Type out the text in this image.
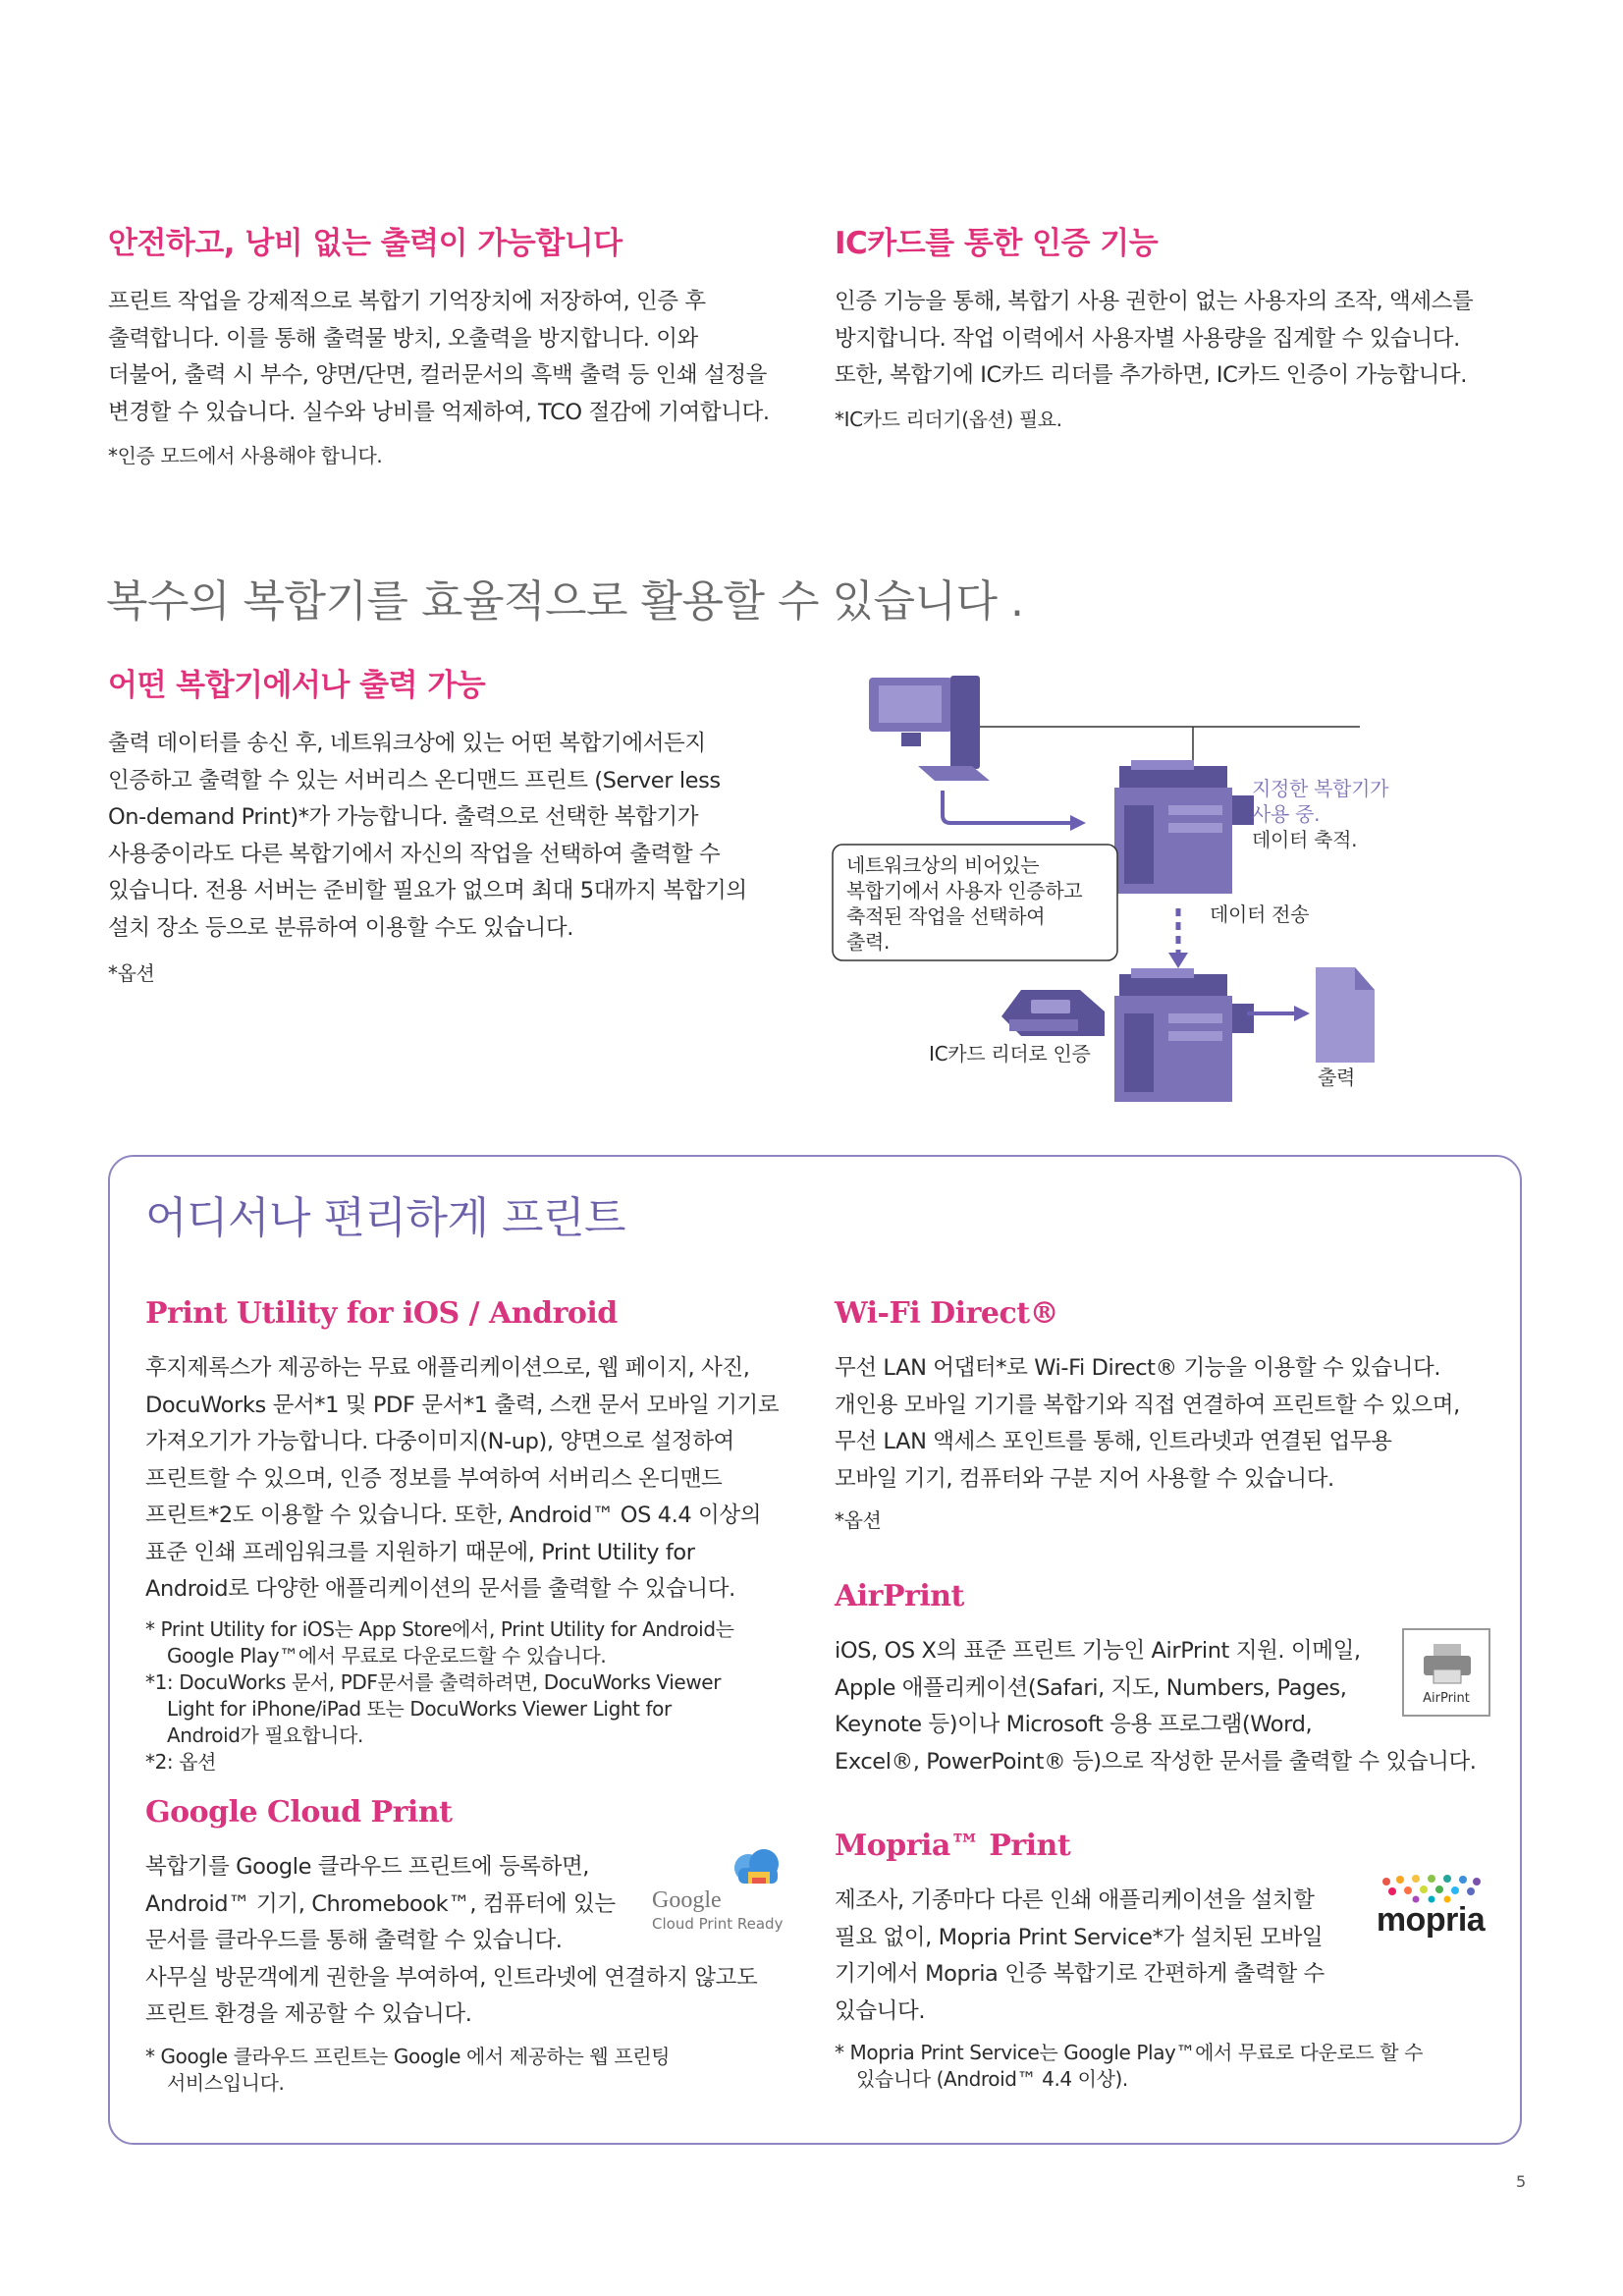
안전하고, 낭비 없는 출력이 가능합니다

프린트 작업을 강제적으로 복합기 기억장치에 저장하여, 인증 후

출력합니다. 이를 통해 출력물 방치, 오출력을 방지합니다. 이와

더불어, 출력 시 부수, 양면/단면, 컬러문서의 흑백 출력 등 인쇄 설정을

변경할 수 있습니다. 실수와 낭비를 억제하여, TCO 절감에 기여합니다.

*인증 모드에서 사용해야 합니다.

IC카드를 통한 인증 기능

인증 기능을 통해, 복합기 사용 권한이 없는 사용자의 조작, 액세스를

방지합니다. 작업 이력에서 사용자별 사용량을 집계할 수 있습니다.

또한, 복합기에 IC카드 리더를 추가하면, IC카드 인증이 가능합니다.

*IC카드 리더기(옵션) 필요.

복수의 복합기를 효율적으로 활용할 수 있습니다 .
어떤 복합기에서나 출력 가능

출력 데이터를 송신 후, 네트워크상에 있는 어떤 복합기에서든지

인증하고 출력할 수 있는 서버리스 온디맨드 프린트 (Server less

On-demand Print)*가 가능합니다. 출력으로 선택한 복합기가

사용중이라도 다른 복합기에서 자신의 작업을 선택하여 출력할 수

있습니다. 전용 서버는 준비할 필요가 없으며 최대 5대까지 복합기의

설치 장소 등으로 분류하여 이용할 수도 있습니다.

*옵션

지정한 복합기가
사용 중.
데이터 축적.
네트워크상의 비어있는
복합기에서 사용자 인증하고
축적된 작업을 선택하여
출력.
데이터 전송
IC카드 리더로 인증
출력
어디서나 편리하게 프린트
Print Utility for iOS / Android

후지제록스가 제공하는 무료 애플리케이션으로, 웹 페이지, 사진,

DocuWorks 문서*1 및 PDF 문서*1 출력, 스캔 문서 모바일 기기로

가져오기가 가능합니다. 다중이미지(N-up), 양면으로 설정하여

프린트할 수 있으며, 인증 정보를 부여하여 서버리스 온디맨드

프린트*2도 이용할 수 있습니다. 또한, Android™ OS 4.4 이상의

표준 인쇄 프레임워크를 지원하기 때문에, Print Utility for

Android로 다양한 애플리케이션의 문서를 출력할 수 있습니다.

* Print Utility for iOS는 App Store에서, Print Utility for Android는

Google Play™에서 무료로 다운로드할 수 있습니다.

*1: DocuWorks 문서, PDF문서를 출력하려면, DocuWorks Viewer

Light for iPhone/iPad 또는 DocuWorks Viewer Light for

Android가 필요합니다.

*2: 옵션

Google Cloud Print

복합기를 Google 클라우드 프린트에 등록하면,

Android™ 기기, Chromebook™, 컴퓨터에 있는

문서를 클라우드를 통해 출력할 수 있습니다.

사무실 방문객에게 권한을 부여하여, 인트라넷에 연결하지 않고도

프린트 환경을 제공할 수 있습니다.

* Google 클라우드 프린트는 Google 에서 제공하는 웹 프린팅

서비스입니다.

Google
Cloud Print Ready
Wi-Fi Direct®

무선 LAN 어댑터*로 Wi-Fi Direct® 기능을 이용할 수 있습니다.

개인용 모바일 기기를 복합기와 직접 연결하여 프린트할 수 있으며,

무선 LAN 액세스 포인트를 통해, 인트라넷과 연결된 업무용

모바일 기기, 컴퓨터와 구분 지어 사용할 수 있습니다.

*옵션

AirPrint

iOS, OS X의 표준 프린트 기능인 AirPrint 지원. 이메일,

Apple 애플리케이션(Safari, 지도, Numbers, Pages,

Keynote 등)이나 Microsoft 응용 프로그램(Word,

Excel®, PowerPoint® 등)으로 작성한 문서를 출력할 수 있습니다.

AirPrint
Mopria™ Print

제조사, 기종마다 다른 인쇄 애플리케이션을 설치할

필요 없이, Mopria Print Service*가 설치된 모바일

기기에서 Mopria 인증 복합기로 간편하게 출력할 수

있습니다.

* Mopria Print Service는 Google Play™에서 무료로 다운로드 할 수

있습니다 (Android™ 4.4 이상).

mopria
5
